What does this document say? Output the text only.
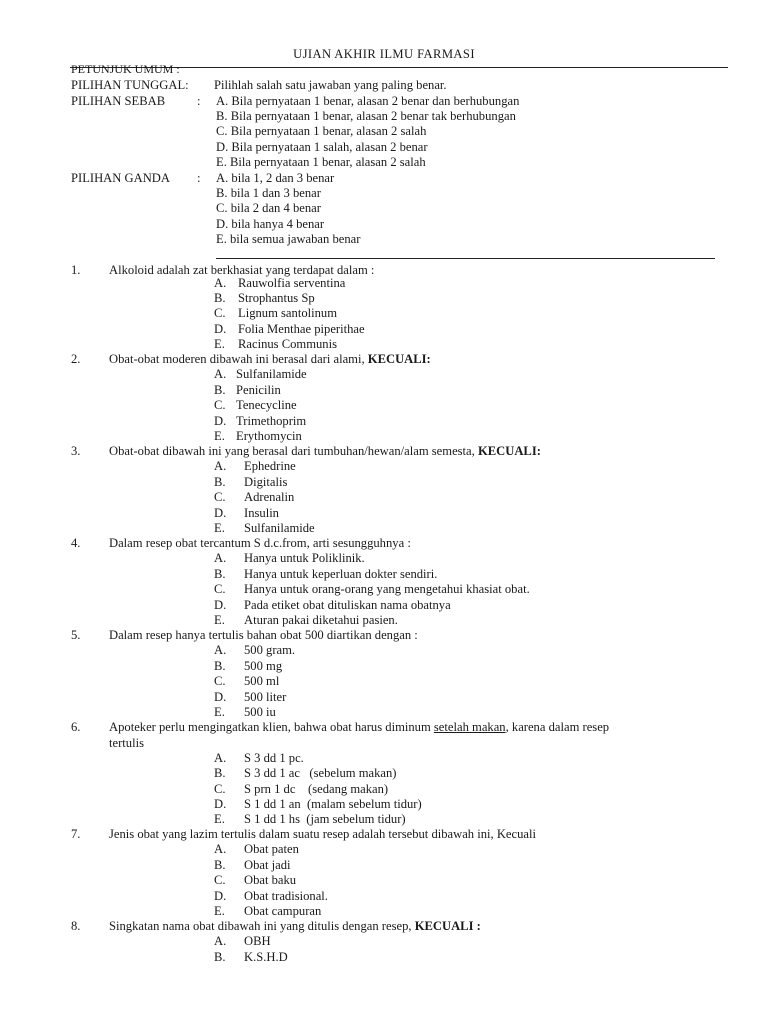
UJIAN AKHIR ILMU FARMASI
PETUNJUK UMUM :
PILIHAN TUNGGAL: Pilihlah salah satu jawaban yang paling benar.
PILIHAN SEBAB	: A. Bila pernyataan 1 benar, alasan 2 benar dan berhubungan
B. Bila pernyataan 1 benar, alasan 2 benar tak berhubungan
C. Bila pernyataan 1 benar, alasan 2 salah
D. Bila pernyataan 1 salah, alasan 2 benar
E. Bila pernyataan 1 benar, alasan 2 salah
PILIHAN GANDA : A. bila 1, 2 dan 3 benar
B. bila 1 dan 3 benar
C. bila 2 dan 4 benar
D. bila hanya 4 benar
E. bila semua jawaban benar
1. Alkoloid adalah zat berkhasiat yang terdapat dalam :
A. Rauwolfia serventina
B. Strophantus Sp
C. Lignum santolinum
D. Folia Menthae piperithae
E. Racinus Communis
2. Obat-obat moderen dibawah ini berasal dari alami, KECUALI:
A. Sulfanilamide
B. Penicilin
C. Tenecycline
D. Trimethoprim
E. Erythomycin
3. Obat-obat dibawah ini yang berasal dari tumbuhan/hewan/alam semesta, KECUALI:
A. Ephedrine
B. Digitalis
C. Adrenalin
D. Insulin
E. Sulfanilamide
4. Dalam resep obat tercantum S d.c.from, arti sesungguhnya :
A. Hanya untuk Poliklinik.
B. Hanya untuk keperluan dokter sendiri.
C. Hanya untuk orang-orang yang mengetahui khasiat obat.
D. Pada etiket obat dituliskan nama obatnya
E. Aturan pakai diketahui pasien.
5. Dalam resep hanya tertulis bahan obat 500 diartikan dengan :
A. 500 gram.
B. 500 mg
C. 500 ml
D. 500 liter
E. 500 iu
6. Apoteker perlu mengingatkan klien, bahwa obat harus diminum setelah makan, karena dalam resep
tertulis
A. S 3 dd 1 pc.
B. S 3 dd 1 ac   (sebelum makan)
C. S prn 1 dc    (sedang makan)
D. S 1 dd 1 an  (malam sebelum tidur)
E. S 1 dd 1 hs  (jam sebelum tidur)
7. Jenis obat yang lazim tertulis dalam suatu resep adalah tersebut dibawah ini, Kecuali
A. Obat paten
B. Obat jadi
C. Obat baku
D. Obat tradisional.
E. Obat campuran
8. Singkatan nama obat dibawah ini yang ditulis dengan resep, KECUALI :
A. OBH
B. K.S.H.D
